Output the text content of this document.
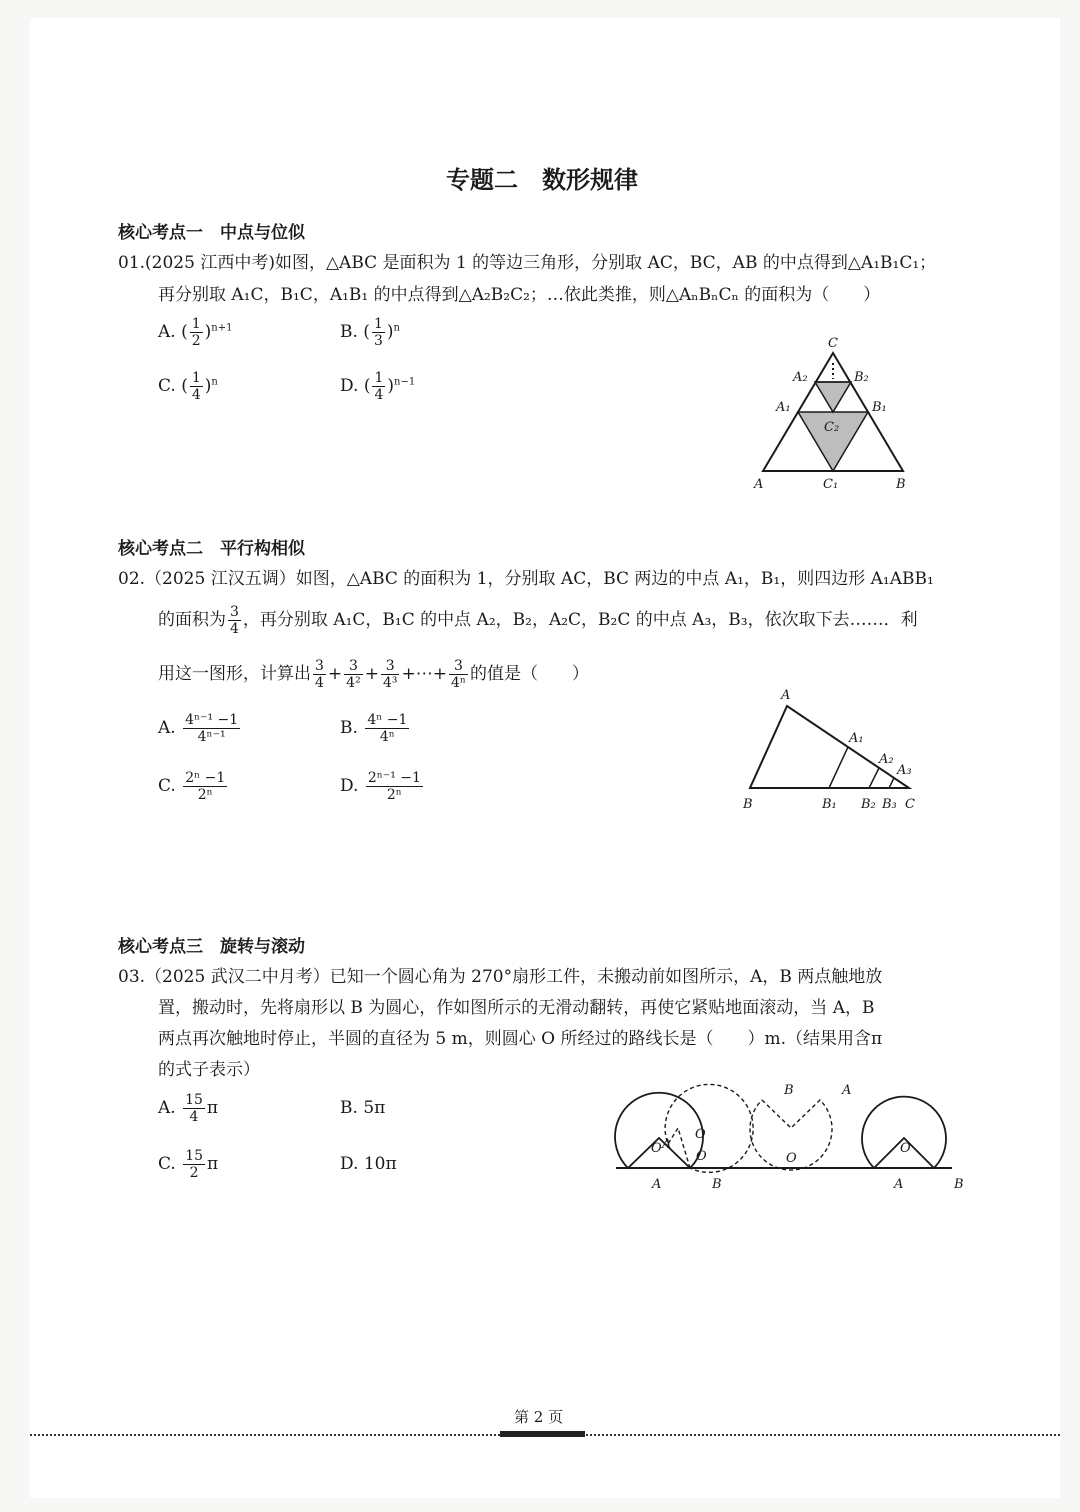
专题二　数形规律
核心考点一　中点与位似
01.(2025 江西中考)如图，△ABC 是面积为 1 的等边三角形，分别取 AC，BC，AB 的中点得到△A₁B₁C₁；
再分别取 A₁C，B₁C，A₁B₁ 的中点得到△A₂B₂C₂；…依此类推，则△AₙBₙCₙ 的面积为（　　）
A. ( $\frac{1}{2} )^{n+1}$	B. ( $\frac{1}{3} )^n$
C. ( $\frac{1}{4} )^n$	D. ( $\frac{1}{4} )^{n-1}$
C
A₂	B₂
A₁	B₁
C₂
A	C₁	B
核心考点二　平行构相似
02.（2025 江汉五调）如图，△ABC 的面积为 1，分别取 AC，BC 两边的中点 A₁，B₁，则四边形 A₁ABB₁
的面积为 $\frac{3}{4}$ ，再分别取 A₁C，B₁C 的中点 A₂，B₂，A₂C，B₂C 的中点 A₃，B₃，依次取下去……．利
用这一图形，计算出 $\frac{3}{4} + \frac{3}{\text{4²}} + \frac{3}{\text{4³}}$ +⋯+ $\frac{3}{\text{4ⁿ}}$ 的值是（　　）
A. $\frac{\text{4ⁿ⁻¹ −1}}{\text{4ⁿ⁻¹}}$	B. $\frac{\text{4ⁿ −1}}{\text{4ⁿ}}$
C. $\frac{\text{2ⁿ −1}}{\text{2ⁿ}}$	D. $\frac{\text{2ⁿ⁻¹ −1}}{\text{2ⁿ}}$
A
A₁
A₂
A₃
B	B₁ B₂ B₃ C
核心考点三　旋转与滚动
03.（2025 武汉二中月考）已知一个圆心角为 270°扇形工件，未搬动前如图所示，A，B 两点触地放
置，搬动时，先将扇形以 B 为圆心，作如图所示的无滑动翻转，再使它紧贴地面滚动，当 A，B
两点再次触地时停止，半圆的直径为 5 m，则圆心 O 所经过的路线长是（　　）m.（结果用含π
的式子表示）
A. $\frac{15}{4}$ π	B. 5π
C. $\frac{15}{2}$ π	D. 10π
O
O
O	O
O
A
A	B
B	A
A	B
第 2 页
